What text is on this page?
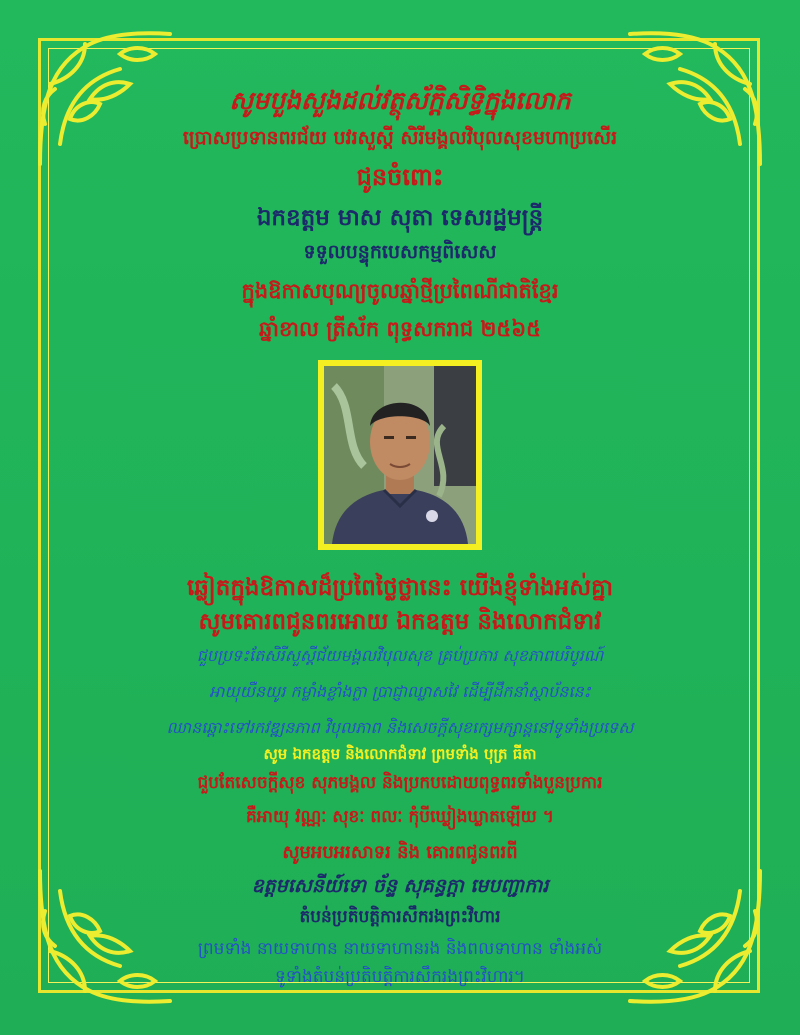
សូមបួងសួងដល់វត្ថុស័ក្តិសិទ្ធិក្នុងលោក
ប្រោសប្រទានពរជ័យ បវរសួស្តី សិរីមង្គលវិបុលសុខមហាប្រសើរ
ជូនចំពោះ
ឯកឧត្តម មាស សុតា ទេសរដ្ឋមន្ត្រី
ទទួលបន្ទុកបេសកម្មពិសេស
ក្នុងឱកាសបុណ្យចូលឆ្នាំថ្មីប្រពៃណីជាតិខ្មែរ
ឆ្នាំខាល ត្រីស័ក ពុទ្ធសករាជ ២៥៦៥
ឆ្លៀតក្នុងឱកាសដ៏ប្រពៃថ្លៃថ្លានេះ យើងខ្ញុំទាំងអស់គ្នា
សូមគោរពជូនពរអោយ ឯកឧត្តម និងលោកជំទាវ
ជួបប្រទះតែសិរីសួស្តីជ័យមង្គលវិបុលសុខ គ្រប់ប្រការ សុខភាពបរិបូរណ៍
អាយុយឺនយូរ កម្លាំងខ្លាំងក្លា ប្រាជ្ញាឈ្លាសវៃ ដើម្បីដឹកនាំស្ថាប័ននេះ
ឈានឆ្ពោះទៅរកវឌ្ឍនភាព វិបុលភាព និងសេចក្តីសុខក្សេមក្សាន្តនៅទូទាំងប្រទេស
សូម ឯកឧត្តម និងលោកជំទាវ ព្រមទាំង បុត្រ ធីតា
ជួបតែសេចក្តីសុខ សុភមង្គល និងប្រកបដោយពុទ្ធពរទាំងបួនប្រការ
គឺអាយុ វណ្ណៈ សុខៈ ពលៈ កុំបីឃ្លៀងឃ្លាតឡើយ ។
សូមអបអរសាទរ និង គោរពជូនពរពី
ឧត្តមសេនីយ៍ទោ ច័ន្ទ សុគន្ធក្តា មេបញ្ជាការ
តំបន់ប្រតិបត្តិការសឹករងព្រះវិហារ
ព្រមទាំង នាយទាហាន នាយទាហានរង និងពលទាហាន ទាំងអស់
ទូទាំងតំបន់ប្រតិបត្តិការសឹករងព្រះវិហារ។
